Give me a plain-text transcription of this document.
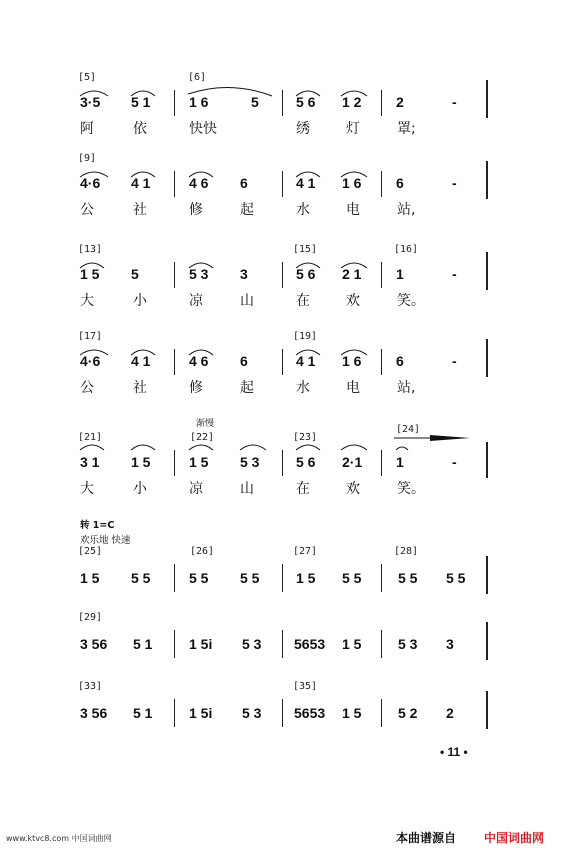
[5]	[6]
3·5 5 1	1 6	5	5 6 1 2 2	-
阿	依	快快	绣	灯	罩;
[9]
4·6 4 1	4 6 6	4 1 1 6 6	-
公	社	修	起	水	电	站,
[13]	[15]	[16]
1 5 5	5 3 3	5 6 2 1 1	-
大	小	凉	山	在	欢	笑。
[17]	[19]
4·6 4 1	4 6 6	4 1 1 6 6	-
公	社	修	起	水	电	站,
渐慢
[21]	[22]	[23]
[24]
3 1 1 5	1 5 5 3	5 6 2·1 1	-
大	小	凉	山	在	欢	笑。
转 1=C
欢乐地 快速
[25]	[26]	[27]	[28]
1 5 5 5	5 5 5 5	1 5 5 5	5 5 5 5
[29]
3 56 5 1	1 5i 5 3 5653 1 5	5 3 3
[33]	[35]
3 56 5 1	1 5i 5 3 5653 1 5	5 2 2
• 11 •
www.ktvc8.com 中国词曲网	本曲谱源自 中国词曲网
